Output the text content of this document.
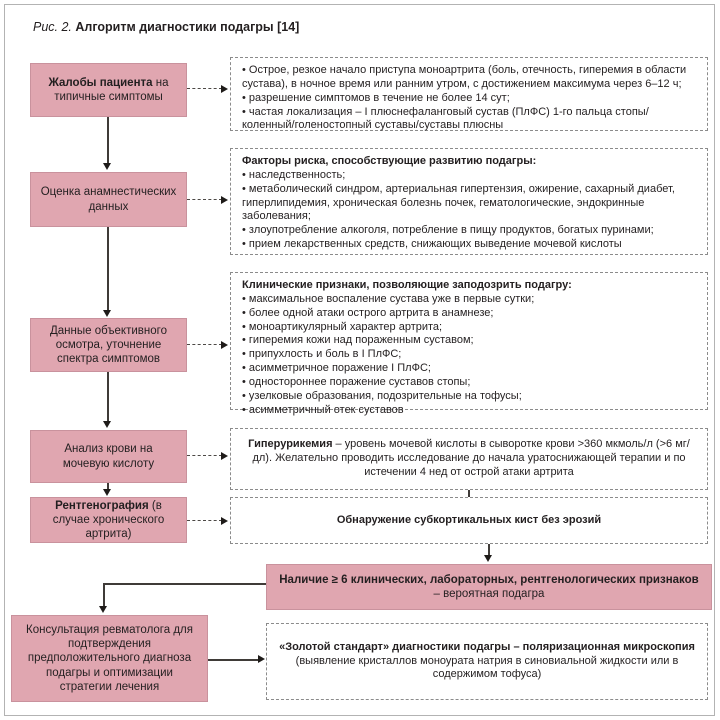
Рис. 2. Алгоритм диагностики подагры [14]
Жалобы пациента на типичные симптомы
Оценка анамнестических данных
Данные объективного осмотра, уточнение спектра симптомов
Анализ крови на мочевую кислоту
Рентгенография (в случае хронического артрита)
Консультация ревматолога для подтверждения предположительного диагноза подагры и оптимизации стратегии лечения
• Острое, резкое начало приступа моноартрита (боль, отечность, гиперемия в области сустава), в ночное время или ранним утром, с достижением максимума через 6–12 ч;
• разрешение симптомов в течение не более 14 сут;
• частая локализация – I плюснефаланговый сустав (ПлФС) 1-го пальца стопы/коленный/голеностопный суставы/суставы плюсны
Факторы риска, способствующие развитию подагры:
• наследственность;
• метаболический синдром, артериальная гипертензия, ожирение, сахарный диабет, гиперлипидемия, хроническая болезнь почек, гематологические, эндокринные заболевания;
• злоупотребление алкоголя, потребление в пищу продуктов, богатых пуринами;
• прием лекарственных средств, снижающих выведение мочевой кислоты
Клинические признаки, позволяющие заподозрить подагру:
• максимальное воспаление сустава уже в первые сутки;
• более одной атаки острого артрита в анамнезе;
• моноартикулярный характер артрита;
• гиперемия кожи над пораженным суставом;
• припухлость и боль в I ПлФС;
• асимметричное поражение I ПлФС;
• одностороннее поражение суставов стопы;
• узелковые образования, подозрительные на тофусы;
• асимметричный отек суставов
Гиперурикемия – уровень мочевой кислоты в сыворотке крови >360 мкмоль/л (>6 мг/дл). Желательно проводить исследование до начала уратоснижающей терапии и по истечении 4 нед от острой атаки артрита
Обнаружение субкортикальных кист без эрозий
Наличие ≥ 6 клинических, лабораторных, рентгенологических признаков – вероятная подагра
«Золотой стандарт» диагностики подагры – поляризационная микроскопия (выявление кристаллов моноурата натрия в синовиальной жидкости или в содержимом тофуса)
